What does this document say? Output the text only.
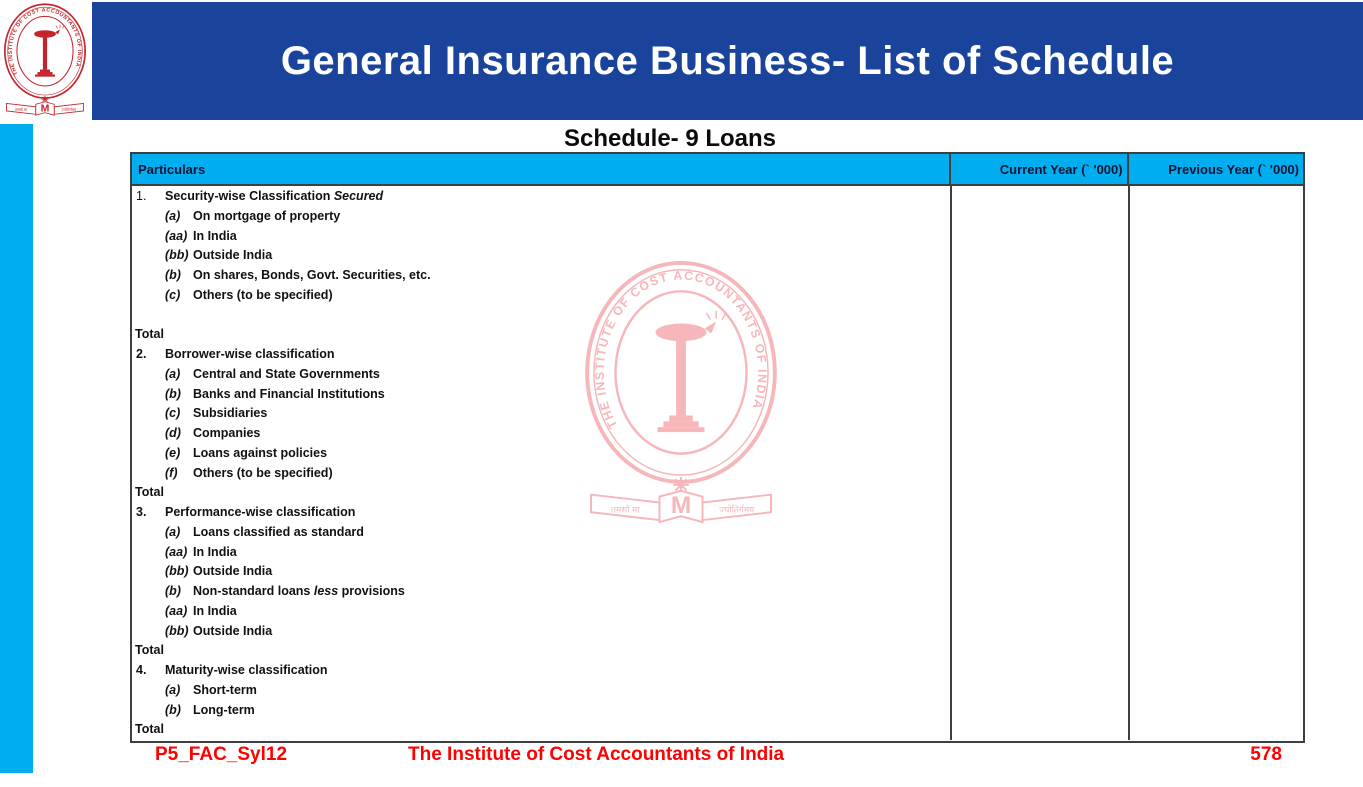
General Insurance Business- List of Schedule
Schedule- 9 Loans
Particulars	Current Year (` '000)	Previous Year (` '000)
1. Security-wise Classification Secured
(a) On mortgage of property
(aa) In India
(bb) Outside India
(b) On shares, Bonds, Govt. Securities, etc.
(c) Others (to be specified)
Total
2. Borrower-wise classification
(a) Central and State Governments
(b) Banks and Financial Institutions
(c) Subsidiaries
(d) Companies
(e) Loans against policies
(f) Others (to be specified)
Total
3. Performance-wise classification
(a) Loans classified as standard
(aa) In India
(bb) Outside India
(b) Non-standard loans less provisions
(aa) In India
(bb) Outside India
Total
4. Maturity-wise classification
(a) Short-term
(b) Long-term
Total
P5_FAC_Syl12	The Institute of Cost Accountants of India	578
